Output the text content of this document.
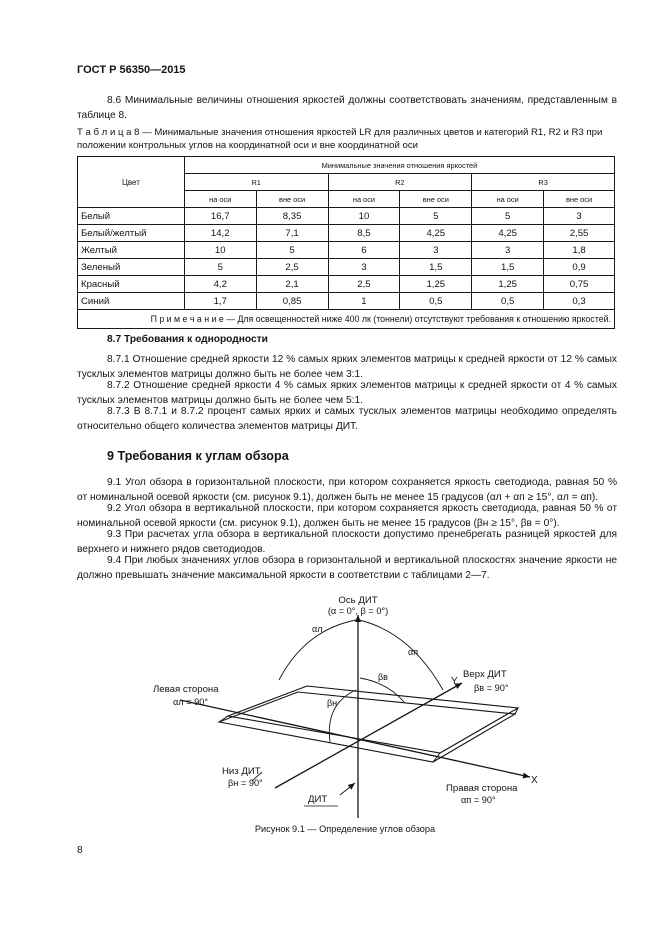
ГОСТ Р 56350—2015
8.6 Минимальные величины отношения яркостей должны соответствовать значениям, представленным в таблице 8.
Т а б л и ц а 8 — Минимальные значения отношения яркостей LR для различных цветов и категорий R1, R2 и R3 при положении контрольных углов на координатной оси и вне координатной оси
Цвет	Минимальные значения отношения яркостей					
	R1		R2		R3	
	на оси	вне оси	на оси	вне оси	на оси	вне оси
Белый	16,7	8,35	10	5	5	3
Белый/желтый	14,2	7,1	8,5	4,25	4,25	2,55
Желтый	10	5	6	3	3	1,8
Зеленый	5	2,5	3	1,5	1,5	0,9
Красный	4,2	2,1	2,5	1,25	1,25	0,75
Синий	1,7	0,85	1	0,5	0,5	0,3
П р и м е ч а н и е — Для освещенностей ниже 400 лк (тоннели) отсутствуют требования к отношению яркостей.						
8.7 Требования к однородности
8.7.1 Отношение средней яркости 12 % самых ярких элементов матрицы к средней яркости от 12 % самых тусклых элементов матрицы должно быть не более чем 3:1.
8.7.2 Отношение средней яркости 4 % самых ярких элементов матрицы к средней яркости от 4 % самых тусклых элементов матрицы должно быть не более чем 5:1.
8.7.3 В 8.7.1 и 8.7.2 процент самых ярких и самых тусклых элементов матрицы необходимо определять относительно общего количества элементов матрицы ДИТ.
9 Требования к углам обзора
9.1 Угол обзора в горизонтальной плоскости, при котором сохраняется яркость светодиода, равная 50 % от номинальной осевой яркости (см. рисунок 9.1), должен быть не менее 15 градусов (αл + αп ≥ 15°, αл = αп).
9.2 Угол обзора в вертикальной плоскости, при котором сохраняется яркость светодиода, равная 50 % от номинальной осевой яркости (см. рисунок 9.1), должен быть не менее 15 градусов (βн ≥ 15°, βв = 0°).
9.3 При расчетах угла обзора в вертикальной плоскости допустимо пренебрегать разницей яркостей для верхнего и нижнего рядов светодиодов.
9.4 При любых значениях углов обзора в горизонтальной и вертикальной плоскостях значение яркости не должно превышать значение максимальной яркости в соответствии с таблицами 2—7.
Ось ДИТ
(α = 0°, β = 0°)
αл
αп
βв
βн
Y
X
Верх ДИТ
βв = 90°
Левая сторона
αл = 90°
Низ ДИТ
βн = 90°	Правая сторона
αп = 90°
ДИТ
Рисунок 9.1 — Определение углов обзора
8
